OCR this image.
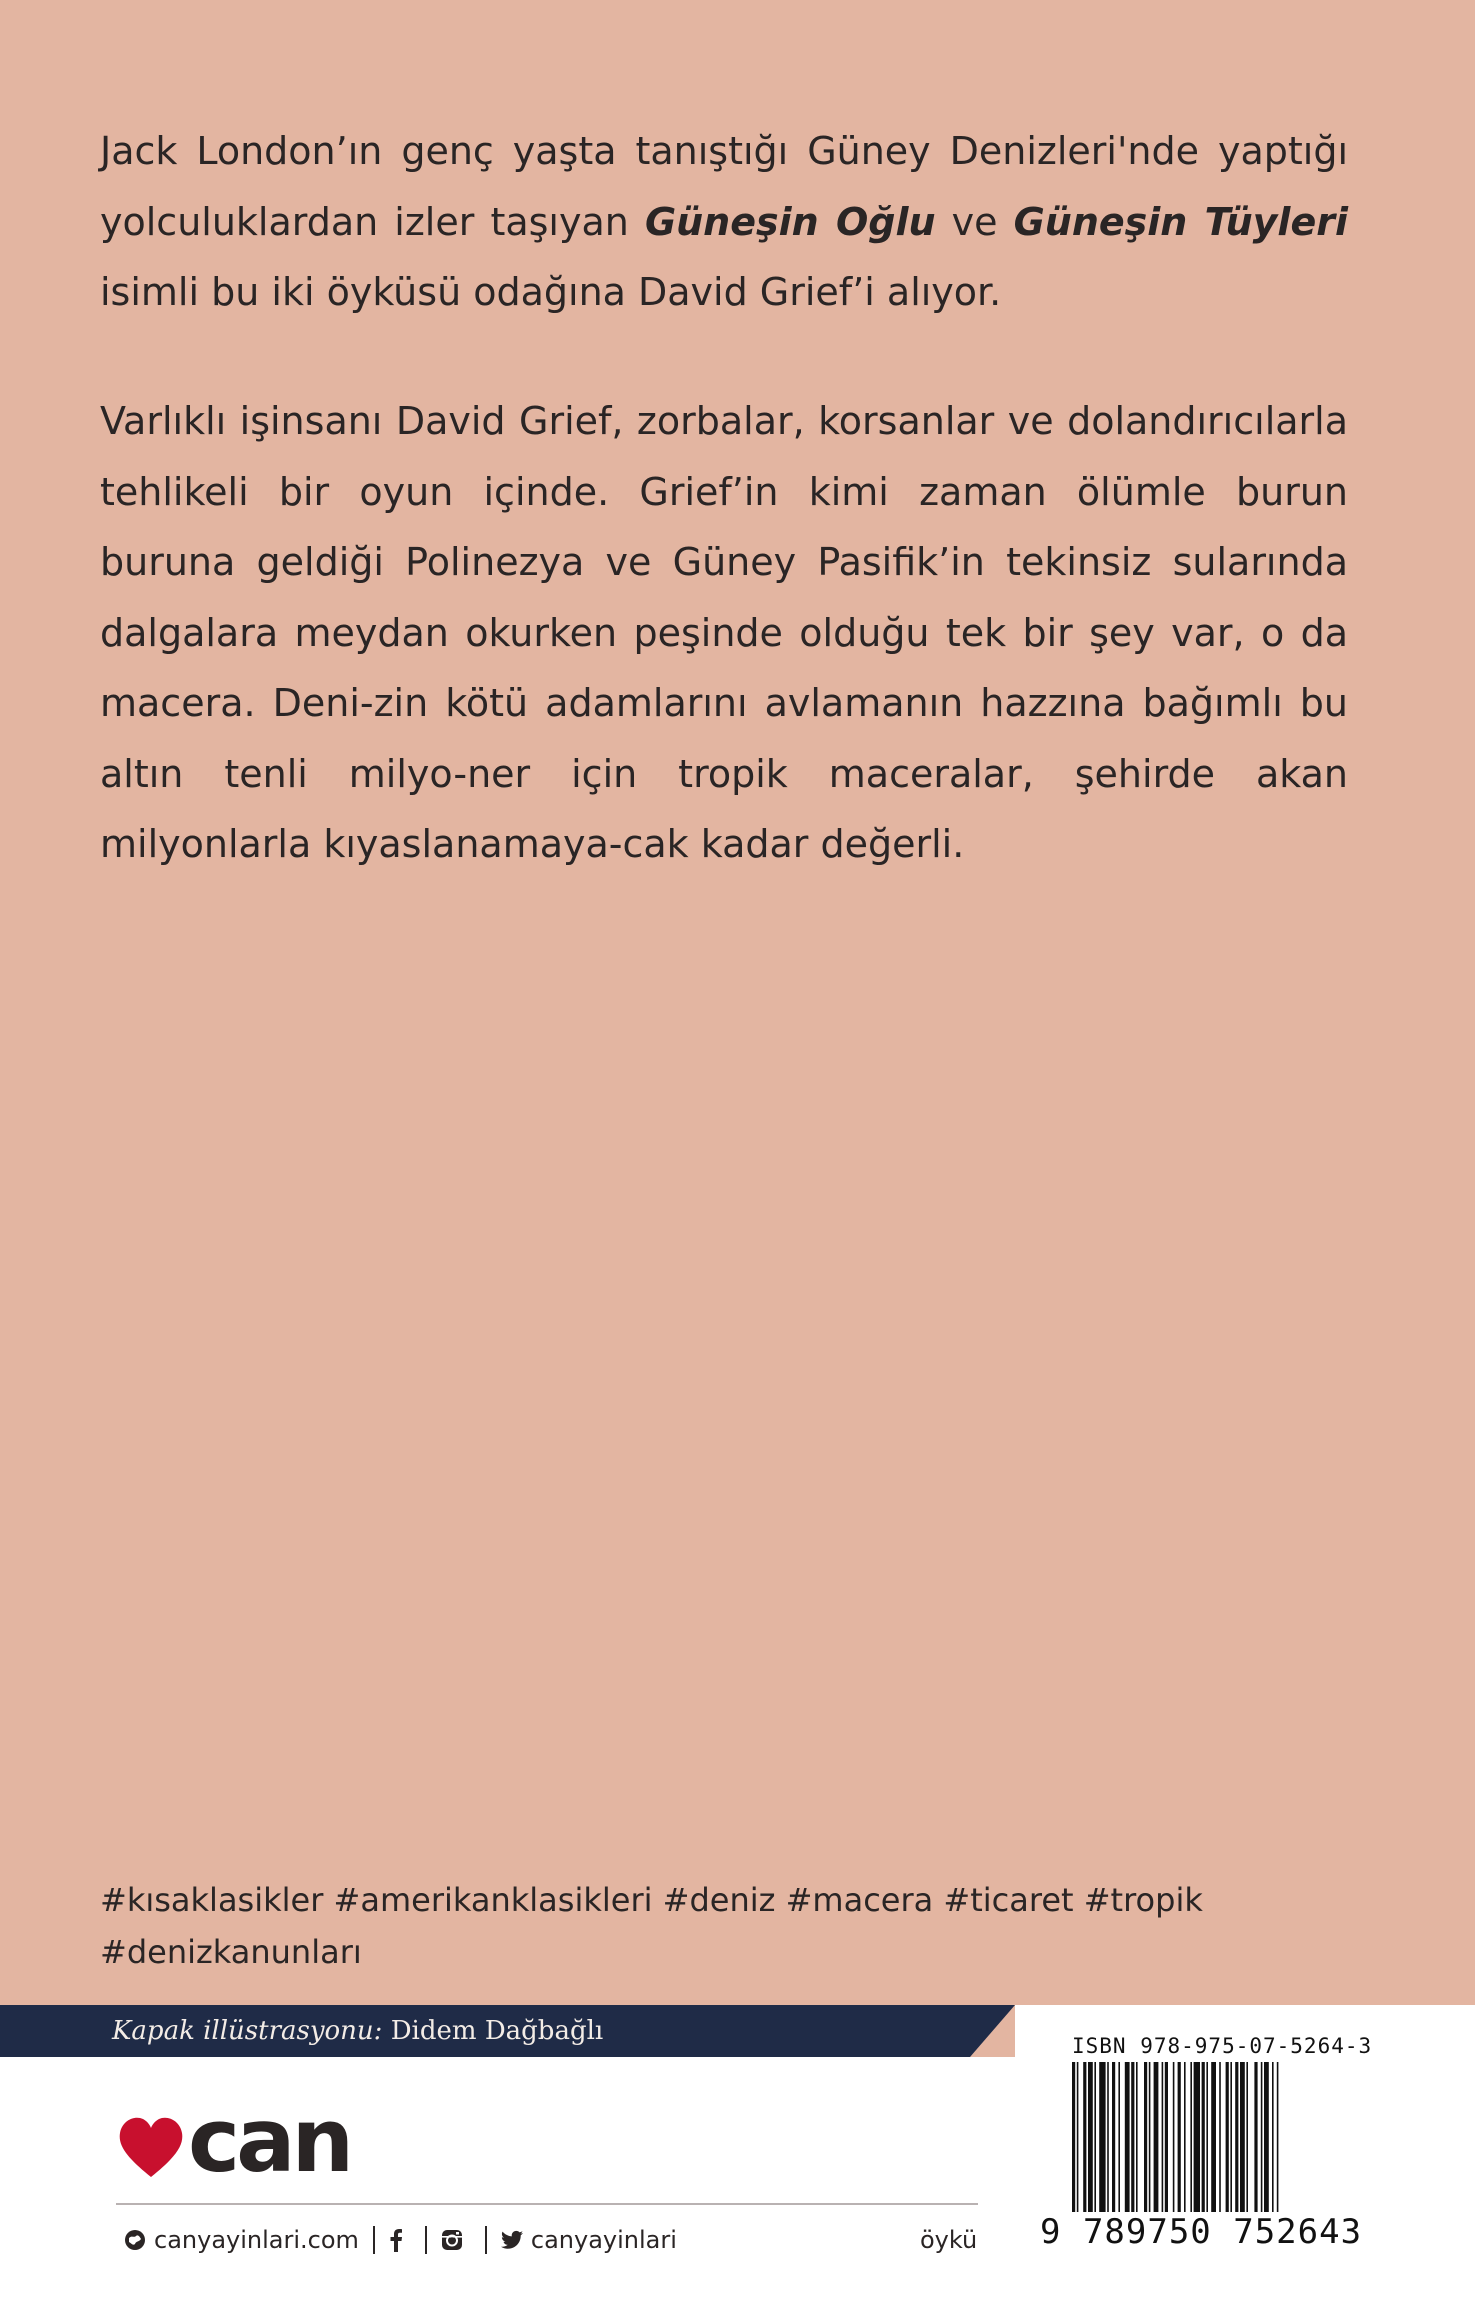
Jack London’ın genç yaşta tanıştığı Güney Denizleri'nde yaptığı yolculuklardan izler taşıyan Güneşin Oğlu ve Güneşin Tüyleri isimli bu iki öyküsü odağına David Grief’i alıyor.
Varlıklı işinsanı David Grief, zorbalar, korsanlar ve dolandırıcılarla tehlikeli bir oyun içinde. Grief’in kimi zaman ölümle burun buruna geldiği Polinezya ve Güney Pasifik’in tekinsiz sularında dalgalara meydan okurken peşinde olduğu tek bir şey var, o da macera. Deni-zin kötü adamlarını avlamanın hazzına bağımlı bu altın tenli milyo-ner için tropik maceralar, şehirde akan milyonlarla kıyaslanamaya-cak kadar değerli.
#kısaklasikler #amerikanklasikleri #deniz #macera #ticaret #tropik
#denizkanunları
Kapak illüstrasyonu: Didem Dağbağlı
can
canyayinlari.com	canyayinlari	öykü
ISBN 978-975-07-5264-3
9 789750 752643
